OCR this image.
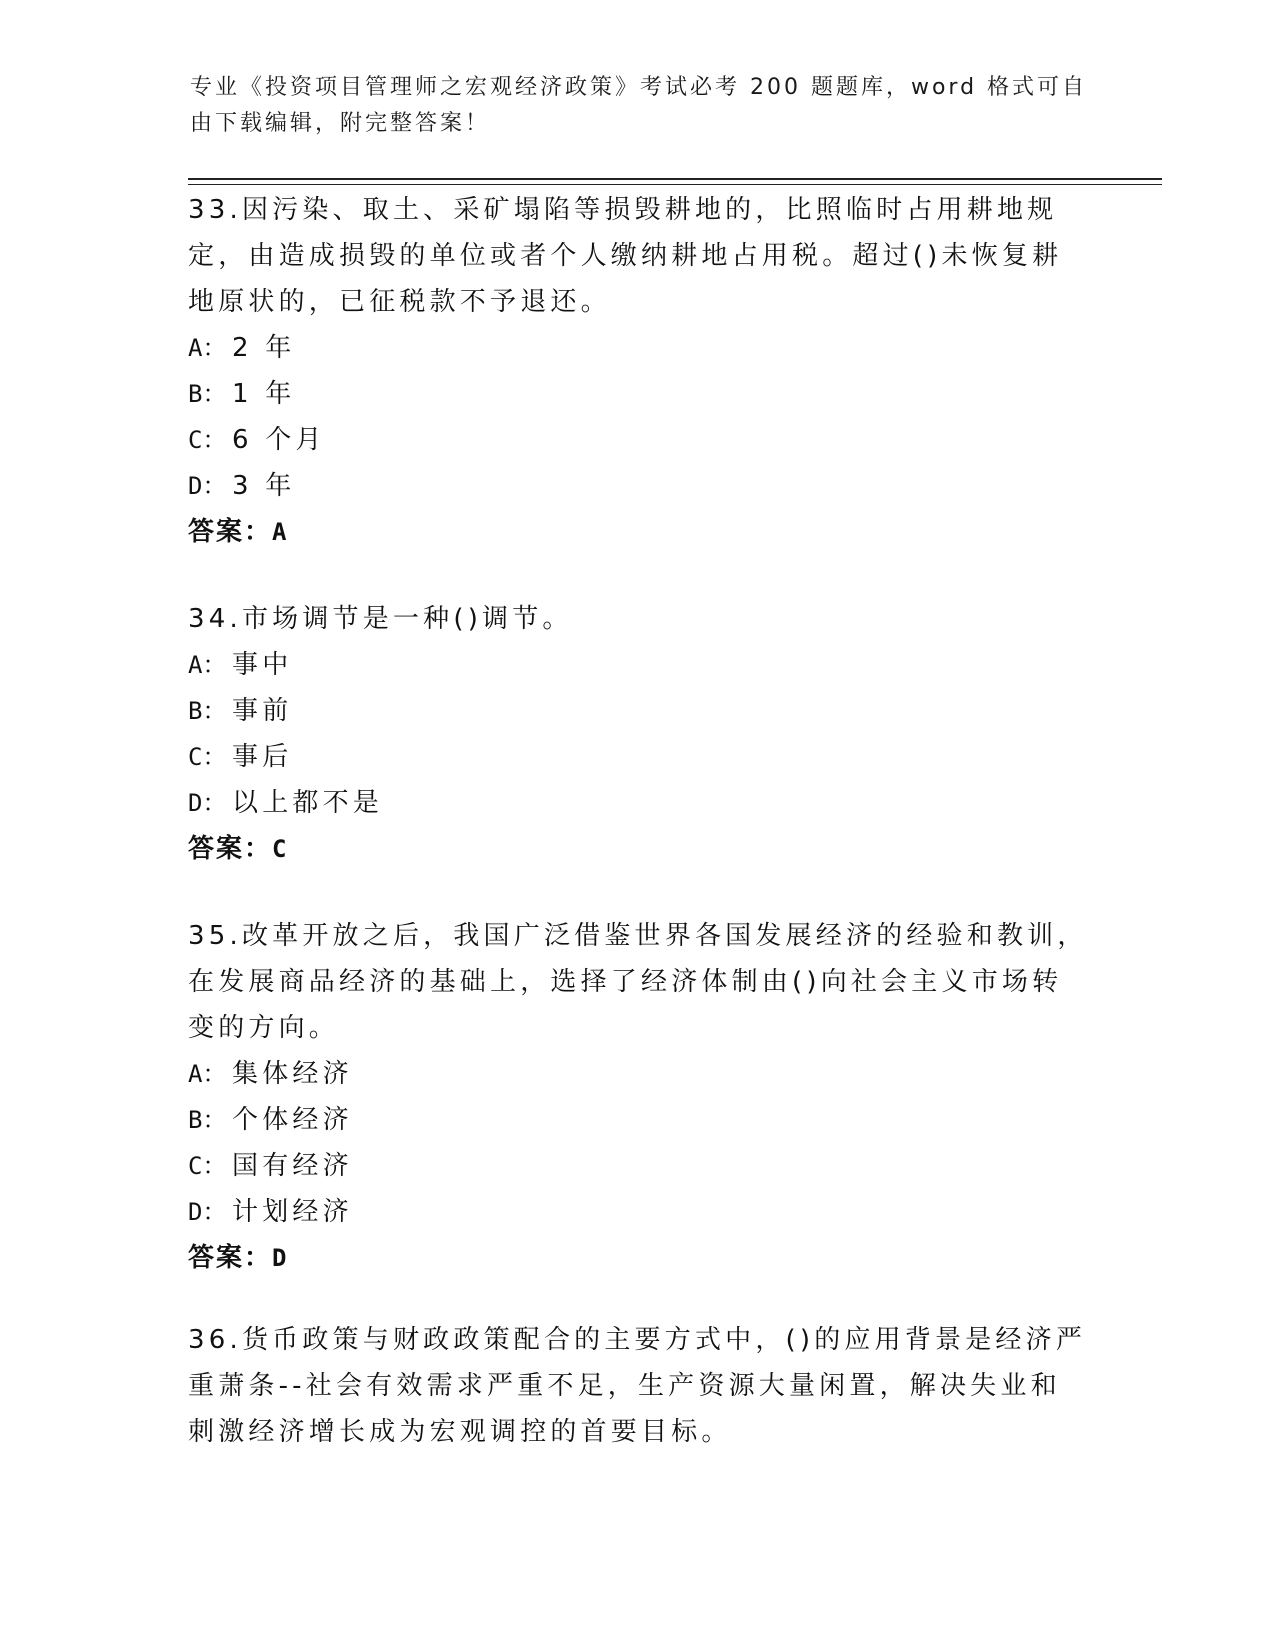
专业《投资项目管理师之宏观经济政策》考试必考 200 题题库，word 格式可自由下载编辑，附完整答案！

33.因污染、取土、采矿塌陷等损毁耕地的，比照临时占用耕地规定，由造成损毁的单位或者个人缴纳耕地占用税。超过()未恢复耕地原状的，已征税款不予退还。

A： 2 年

B： 1 年

C： 6 个月

D： 3 年

答案：A

34.市场调节是一种()调节。

A： 事中

B： 事前

C： 事后

D： 以上都不是

答案：C

35.改革开放之后，我国广泛借鉴世界各国发展经济的经验和教训，在发展商品经济的基础上，选择了经济体制由()向社会主义市场转变的方向。

A： 集体经济

B： 个体经济

C： 国有经济

D： 计划经济

答案：D

36.货币政策与财政政策配合的主要方式中，()的应用背景是经济严重萧条--社会有效需求严重不足，生产资源大量闲置，解决失业和刺激经济增长成为宏观调控的首要目标。
